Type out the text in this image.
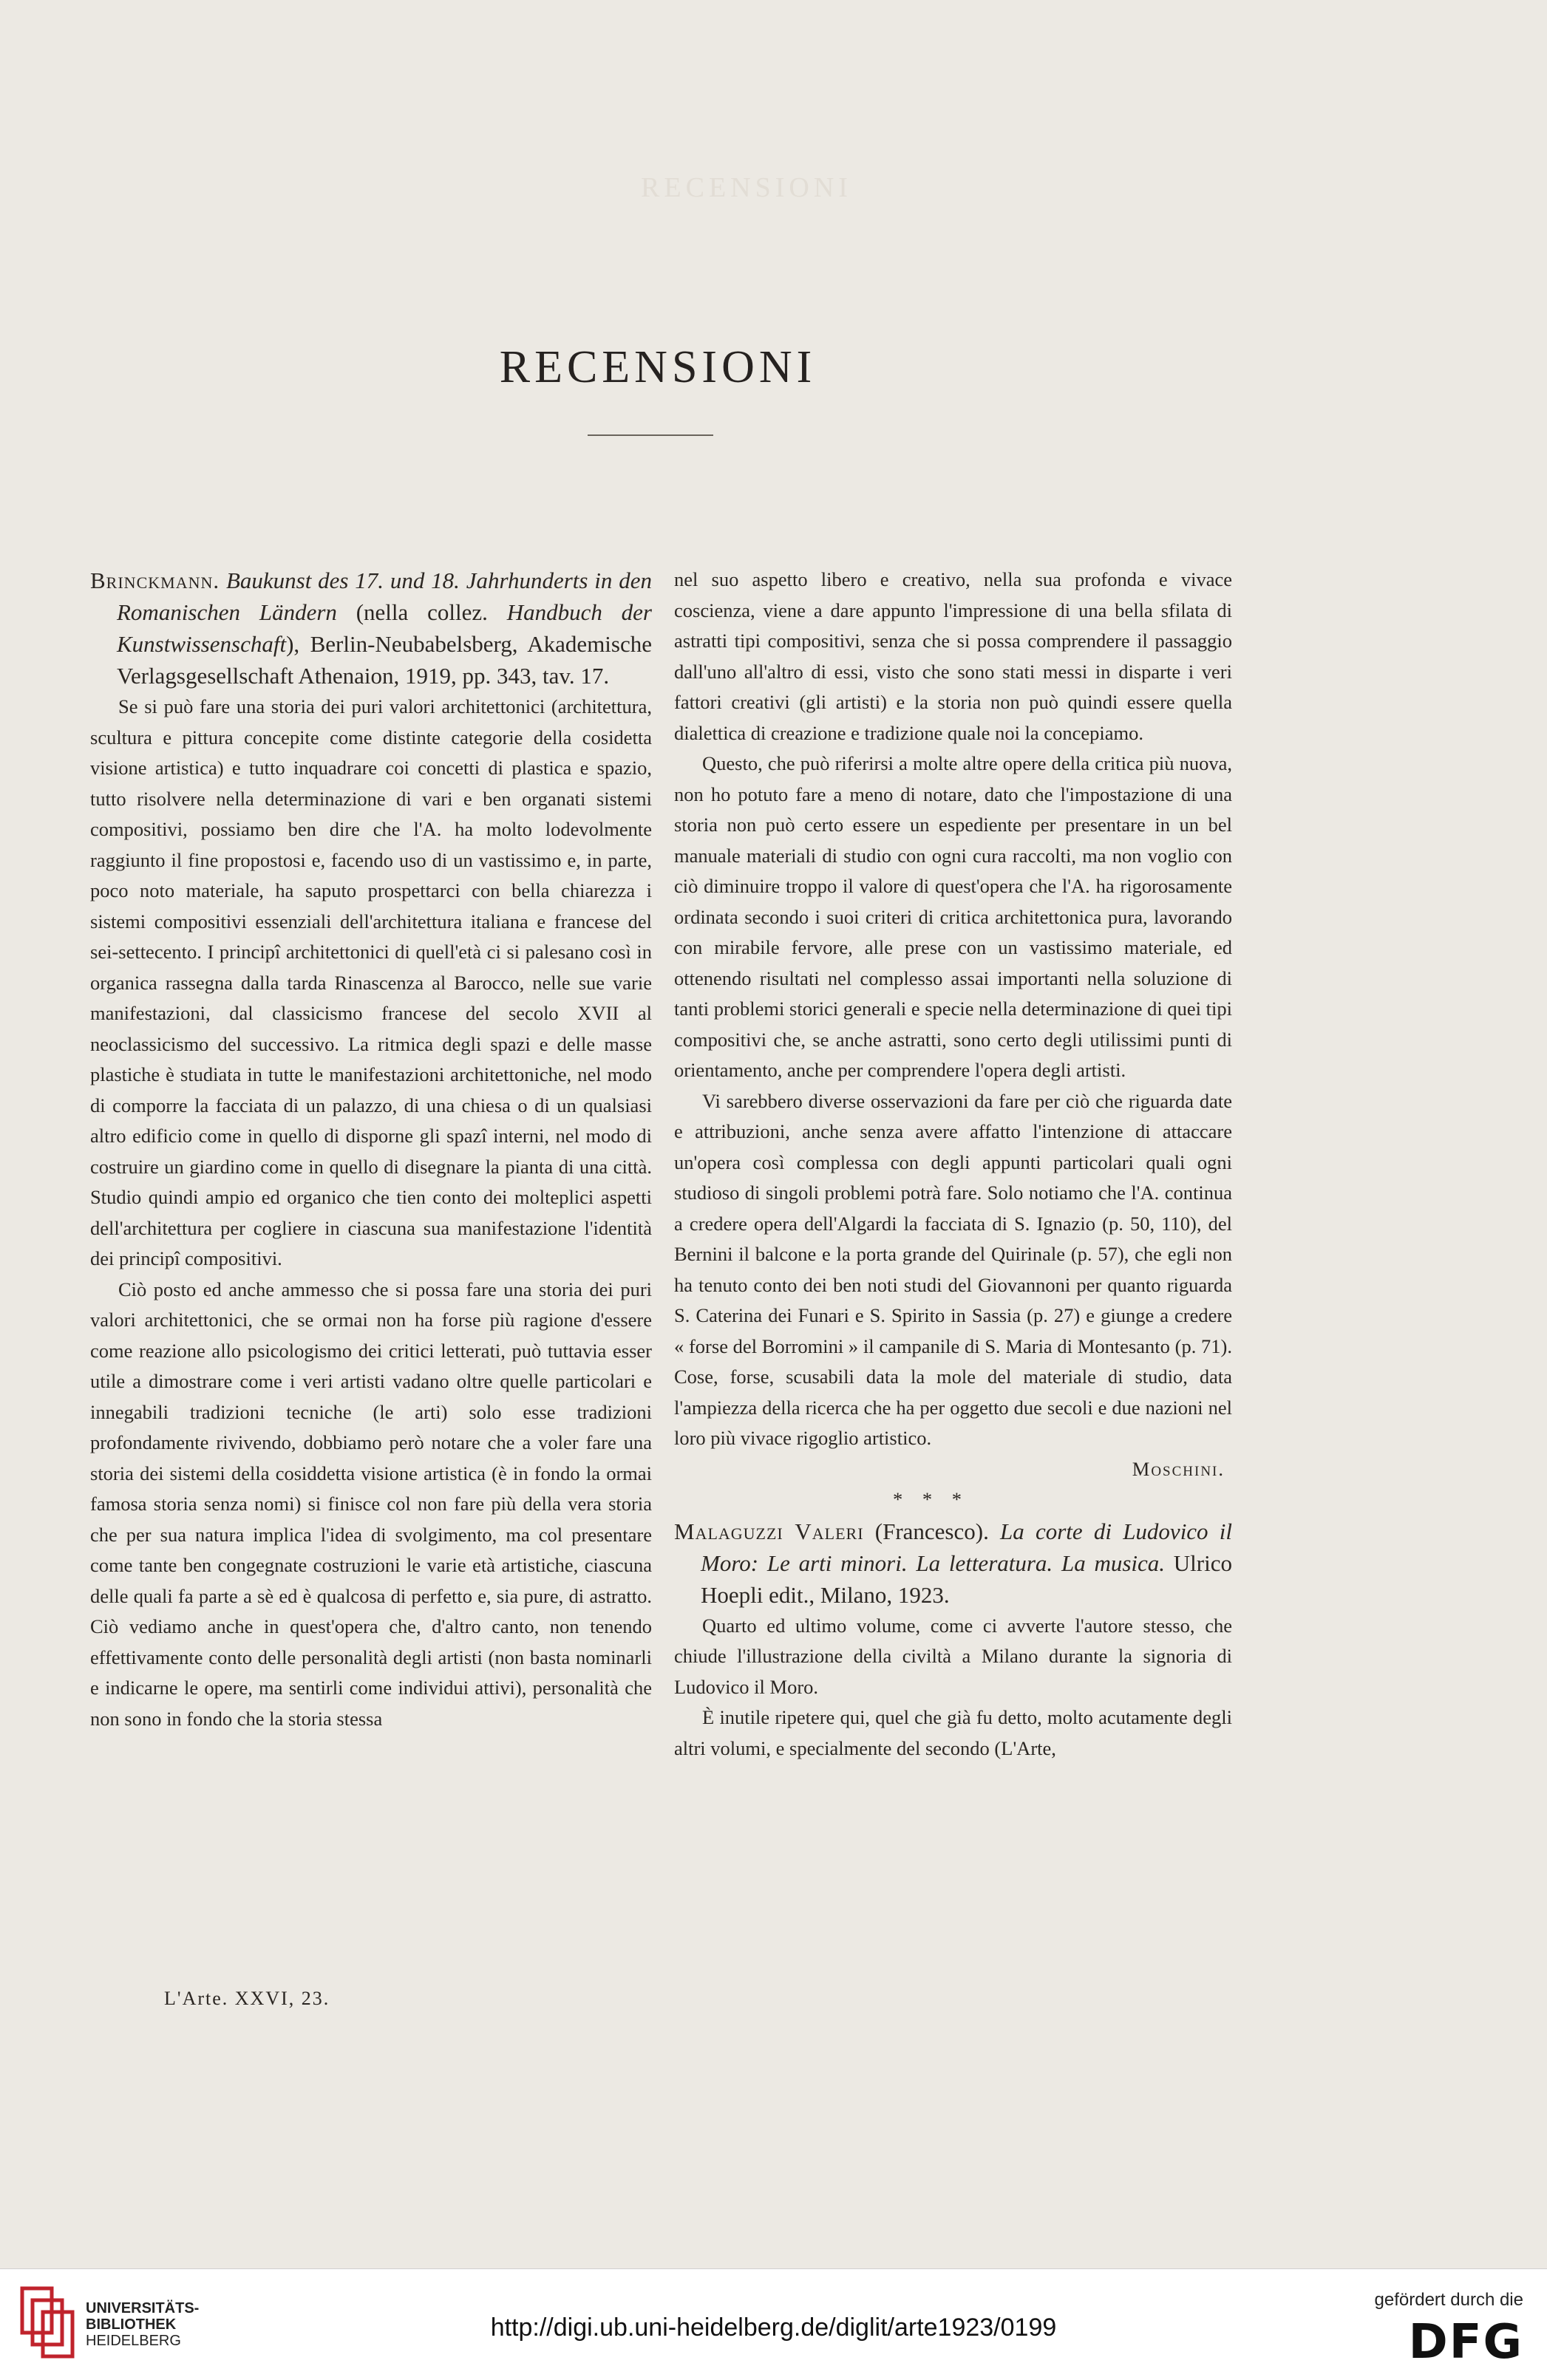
RECENSIONI
RECENSIONI

Brinckmann. Baukunst des 17. und 18. Jahrhunderts in den Romanischen Ländern (nella collez. Handbuch der Kunstwissenschaft), Berlin-Neubabelsberg, Akademische Verlagsgesellschaft Athenaion, 1919, pp. 343, tav. 17.

Se si può fare una storia dei puri valori architettonici (architettura, scultura e pittura concepite come distinte categorie della cosidetta visione artistica) e tutto inquadrare coi concetti di plastica e spazio, tutto risolvere nella determinazione di vari e ben organati sistemi compositivi, possiamo ben dire che l'A. ha molto lodevolmente raggiunto il fine propostosi e, facendo uso di un vastissimo e, in parte, poco noto materiale, ha saputo prospettarci con bella chiarezza i sistemi compositivi essenziali dell'architettura italiana e francese del sei-settecento. I principî architettonici di quell'età ci si palesano così in organica rassegna dalla tarda Rinascenza al Barocco, nelle sue varie manifestazioni, dal classicismo francese del secolo XVII al neoclassicismo del successivo. La ritmica degli spazi e delle masse plastiche è studiata in tutte le manifestazioni architettoniche, nel modo di comporre la facciata di un palazzo, di una chiesa o di un qualsiasi altro edificio come in quello di disporne gli spazî interni, nel modo di costruire un giardino come in quello di disegnare la pianta di una città. Studio quindi ampio ed organico che tien conto dei molteplici aspetti dell'architettura per cogliere in ciascuna sua manifestazione l'identità dei principî compositivi.

Ciò posto ed anche ammesso che si possa fare una storia dei puri valori architettonici, che se ormai non ha forse più ragione d'essere come reazione allo psicologismo dei critici letterati, può tuttavia esser utile a dimostrare come i veri artisti vadano oltre quelle particolari e innegabili tradizioni tecniche (le arti) solo esse tradizioni profondamente rivivendo, dobbiamo però notare che a voler fare una storia dei sistemi della cosiddetta visione artistica (è in fondo la ormai famosa storia senza nomi) si finisce col non fare più della vera storia che per sua natura implica l'idea di svolgimento, ma col presentare come tante ben congegnate costruzioni le varie età artistiche, ciascuna delle quali fa parte a sè ed è qualcosa di perfetto e, sia pure, di astratto. Ciò vediamo anche in quest'opera che, d'altro canto, non tenendo effettivamente conto delle personalità degli artisti (non basta nominarli e indicarne le opere, ma sentirli come individui attivi), personalità che non sono in fondo che la storia stessa

nel suo aspetto libero e creativo, nella sua profonda e vivace coscienza, viene a dare appunto l'impressione di una bella sfilata di astratti tipi compositivi, senza che si possa comprendere il passaggio dall'uno all'altro di essi, visto che sono stati messi in disparte i veri fattori creativi (gli artisti) e la storia non può quindi essere quella dialettica di creazione e tradizione quale noi la concepiamo.

Questo, che può riferirsi a molte altre opere della critica più nuova, non ho potuto fare a meno di notare, dato che l'impostazione di una storia non può certo essere un espediente per presentare in un bel manuale materiali di studio con ogni cura raccolti, ma non voglio con ciò diminuire troppo il valore di quest'opera che l'A. ha rigorosamente ordinata secondo i suoi criteri di critica architettonica pura, lavorando con mirabile fervore, alle prese con un vastissimo materiale, ed ottenendo risultati nel complesso assai importanti nella soluzione di tanti problemi storici generali e specie nella determinazione di quei tipi compositivi che, se anche astratti, sono certo degli utilissimi punti di orientamento, anche per comprendere l'opera degli artisti.

Vi sarebbero diverse osservazioni da fare per ciò che riguarda date e attribuzioni, anche senza avere affatto l'intenzione di attaccare un'opera così complessa con degli appunti particolari quali ogni studioso di singoli problemi potrà fare. Solo notiamo che l'A. continua a credere opera dell'Algardi la facciata di S. Ignazio (p. 50, 110), del Bernini il balcone e la porta grande del Quirinale (p. 57), che egli non ha tenuto conto dei ben noti studi del Giovannoni per quanto riguarda S. Caterina dei Funari e S. Spirito in Sassia (p. 27) e giunge a credere « forse del Borromini » il campanile di S. Maria di Montesanto (p. 71). Cose, forse, scusabili data la mole del materiale di studio, data l'ampiezza della ricerca che ha per oggetto due secoli e due nazioni nel loro più vivace rigoglio artistico.

Moschini.

* * *

Malaguzzi Valeri (Francesco). La corte di Ludovico il Moro: Le arti minori. La letteratura. La musica. Ulrico Hoepli edit., Milano, 1923.

Quarto ed ultimo volume, come ci avverte l'autore stesso, che chiude l'illustrazione della civiltà a Milano durante la signoria di Ludovico il Moro.

È inutile ripetere qui, quel che già fu detto, molto acutamente degli altri volumi, e specialmente del secondo (L'Arte,

L'Arte. XXVI, 23.
UNIVERSITÄTS-
BIBLIOTHEK
HEIDELBERG	http://digi.ub.uni-heidelberg.de/diglit/arte1923/0199
gefördert durch die
DFG
